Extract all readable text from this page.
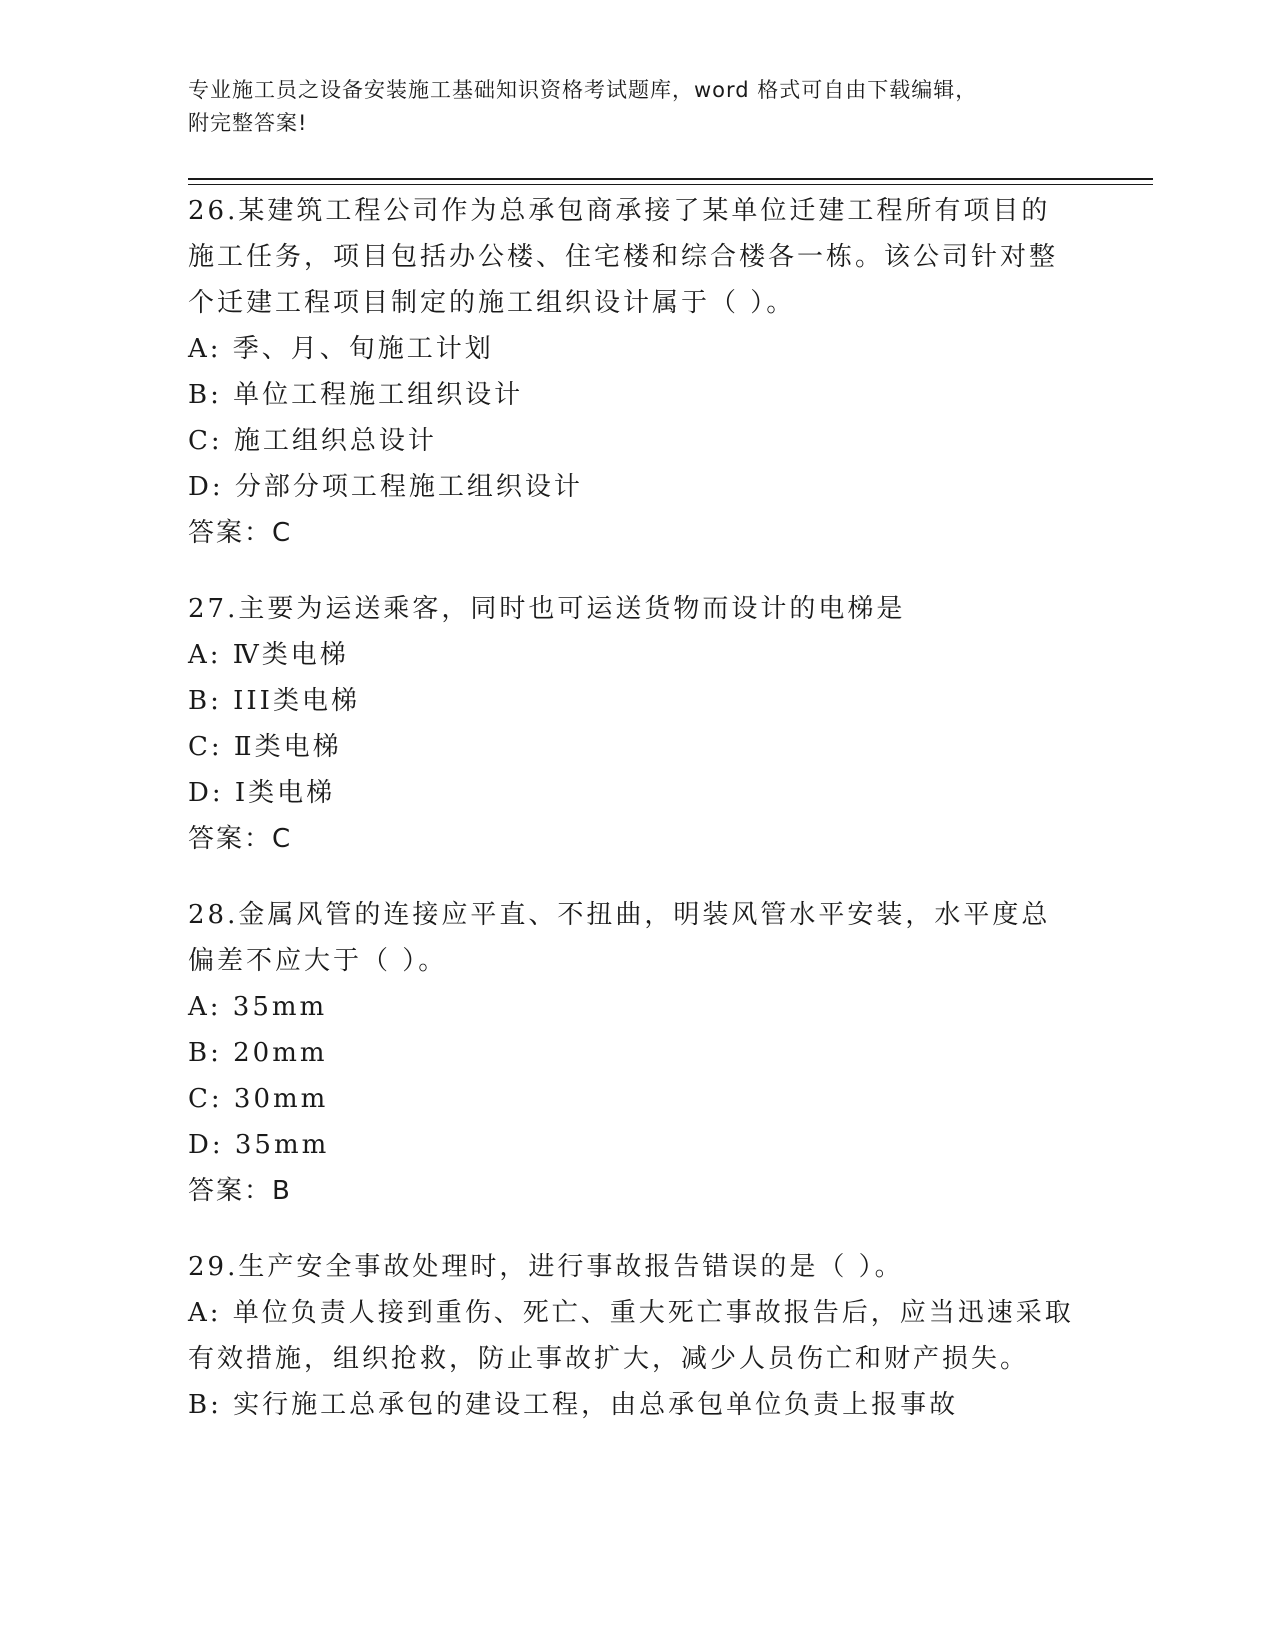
专业施工员之设备安装施工基础知识资格考试题库，word 格式可自由下载编辑，
附完整答案!

26.某建筑工程公司作为总承包商承接了某单位迁建工程所有项目的施工任务，项目包括办公楼、住宅楼和综合楼各一栋。该公司针对整个迁建工程项目制定的施工组织设计属于（ ）。

A: 季、月、旬施工计划

B: 单位工程施工组织设计

C: 施工组织总设计

D: 分部分项工程施工组织设计

答案：C

27.主要为运送乘客，同时也可运送货物而设计的电梯是

A: Ⅳ类电梯

B: III类电梯

C: Ⅱ类电梯

D: Ⅰ类电梯

答案：C

28.金属风管的连接应平直、不扭曲，明装风管水平安装，水平度总偏差不应大于（ ）。

A: 35mm

B: 20mm

C: 30mm

D: 35mm

答案：B

29.生产安全事故处理时，进行事故报告错误的是（ ）。

A: 单位负责人接到重伤、死亡、重大死亡事故报告后，应当迅速采取有效措施，组织抢救，防止事故扩大，减少人员伤亡和财产损失。

B: 实行施工总承包的建设工程，由总承包单位负责上报事故
